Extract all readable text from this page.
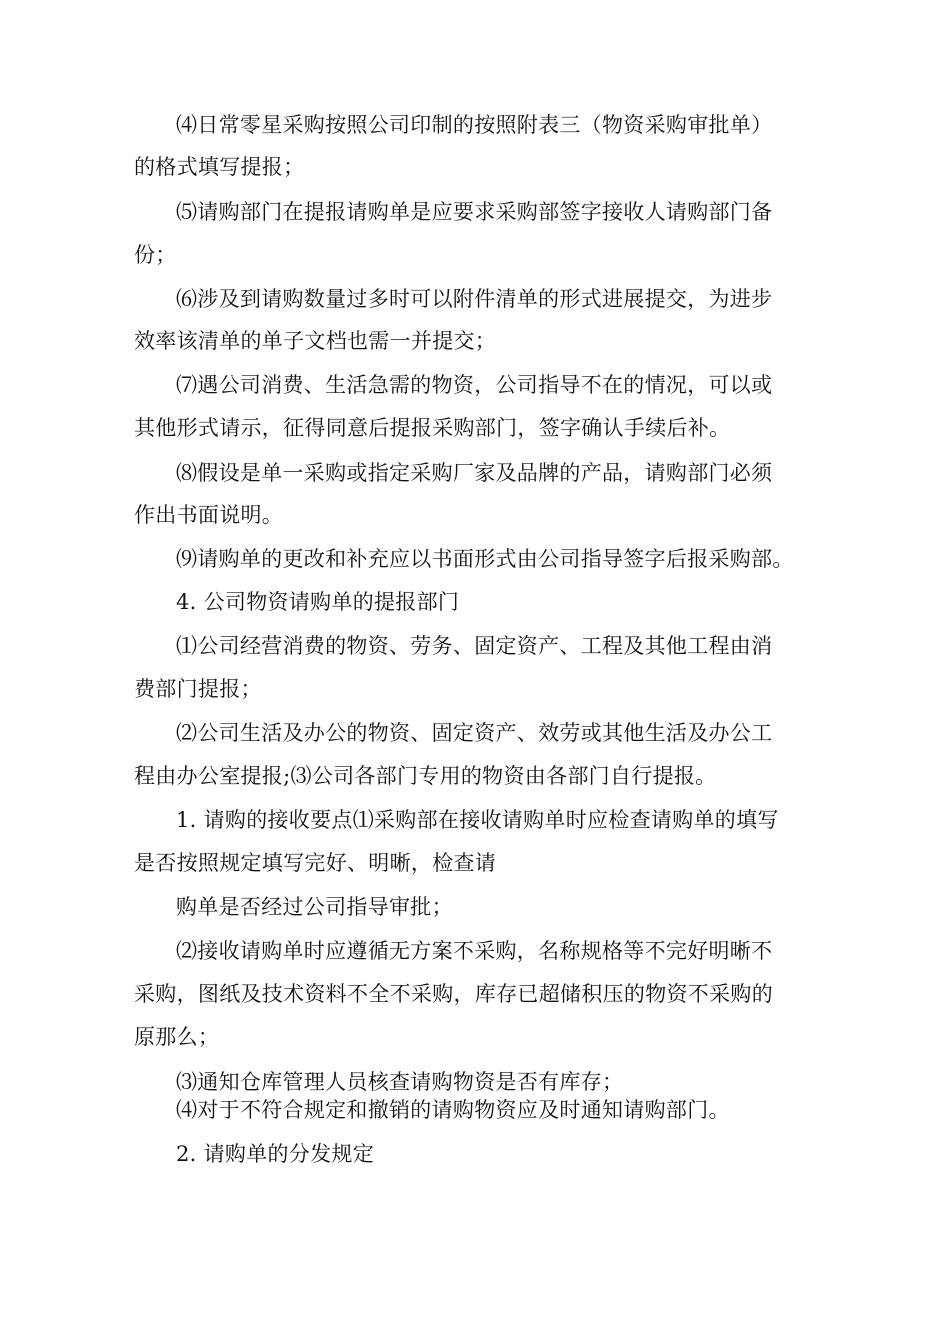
⑷日常零星采购按照公司印制的按照附表三（物资采购审批单）
的格式填写提报；
⑸请购部门在提报请购单是应要求采购部签字接收人请购部门备
份；
⑹涉及到请购数量过多时可以附件清单的形式进展提交，为进步
效率该清单的单子文档也需一并提交；
⑺遇公司消费、生活急需的物资，公司指导不在的情况，可以或
其他形式请示，征得同意后提报采购部门，签字确认手续后补。
⑻假设是单一采购或指定采购厂家及品牌的产品，请购部门必须
作出书面说明。
⑼请购单的更改和补充应以书面形式由公司指导签字后报采购部。
4. 公司物资请购单的提报部门
⑴公司经营消费的物资、劳务、固定资产、工程及其他工程由消
费部门提报；
⑵公司生活及办公的物资、固定资产、效劳或其他生活及办公工
程由办公室提报;⑶公司各部门专用的物资由各部门自行提报。
1. 请购的接收要点⑴采购部在接收请购单时应检查请购单的填写
是否按照规定填写完好、明晰，检查请
购单是否经过公司指导审批；
⑵接收请购单时应遵循无方案不采购，名称规格等不完好明晰不
采购，图纸及技术资料不全不采购，库存已超储积压的物资不采购的
原那么；
⑶通知仓库管理人员核查请购物资是否有库存；
⑷对于不符合规定和撤销的请购物资应及时通知请购部门。
2. 请购单的分发规定
